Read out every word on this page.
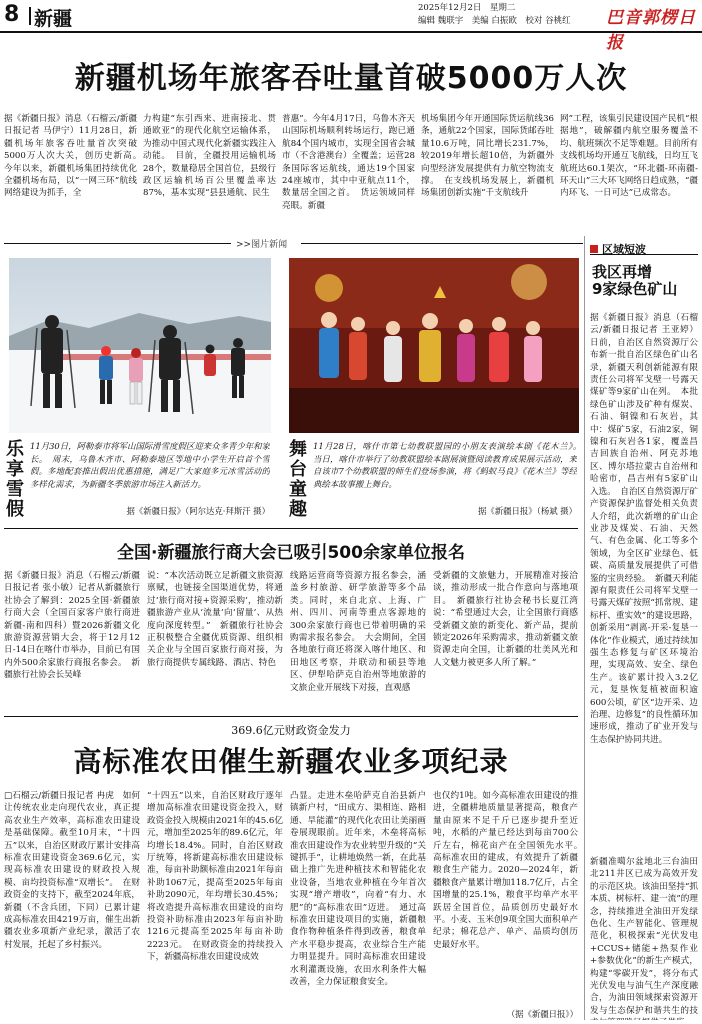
8 新疆	2025年12月2日　星期二
编辑 魏联宇　美编 白振欧　校对 谷桃红 巴音郭楞日报
新疆机场年旅客吞吐量首破5000万人次
据《新疆日报》消息（石榴云/新疆日报记者 马伊宁）11月28日，新疆机场年旅客吞吐量首次突破5000万人次大关，创历史新高。　今年以来，新疆机场集团持续优化全疆机场布局，以“一网三环”航线网络建设为抓手，全
力构建“东引西来、进南接北、贯通欧亚”的现代化航空运输体系，为推动中国式现代化新疆实践注入动能。　目前，全疆投用运输机场28个，数量稳居全国首位，县级行政区运输机场百公里覆盖率达87%，基本实现“县县通航、民生
普惠”。今年4月17日，乌鲁木齐天山国际机场顺利转场运行，跑已通航84个国内城市，实现全国省会城市（不含港澳台）全覆盖；运营28条国际客运航线，通达19个国家24座城市，其中中亚航点11个，数量居全国之首。　货运领域同样亮眼。新疆
机场集团今年开通国际货运航线36条，通航22个国家，国际货邮吞吐量10.6万吨，同比增长231.7%，较2019年增长超10倍，为新疆外向型经济发展提供有力航空物流支撑。　在支线机场发展上，新疆机场集团创新实施“千支航线升
网”工程，该集引民建设国产民机“根据地”，破解疆内航空服务覆盖不均、航班频次不足等难题。目前所有支线机场均开通互飞航线，日均互飞航班达60.1架次，“环北疆-环南疆-环天山”三大环飞网络日趋成熟，“疆内环飞、一日可达”已成常态。
>>图片新闻
乐享雪假
11月30日，阿勒泰市将军山国际滑雪度假区迎来众多青少年和家长。　周末，乌鲁木齐市、阿勒泰地区等地中小学生开启首个雪假。多地配套推出假出优惠措施，满足广大家庭多元冰雪活动的多样化需求，为新疆冬季旅游市场注入新活力。
据《新疆日报》（阿尔达克·拜斯汗 摄）
舞台童趣
11月28日，喀什市第七幼教联盟园的小朋友表演绘本剧《花木兰》。　当日，喀什市举行了幼教联盟绘本剧展演暨阅读教育成果展示活动，来自该市7个幼教联盟的师生们登场参演，将《蚂蚁马良》《花木兰》等经典绘本故事搬上舞台。
据《新疆日报》（杨斌 摄）
区域短波
我区再增
9家绿色矿山
据《新疆日报》消息（石榴云/新疆日报记者 王亚婷）日前，自治区自然资源厅公布新一批自治区绿色矿山名录，新疆天利创新能源有限责任公司将军戈壁一号露天煤矿等9家矿山在列。　本批绿色矿山涉及矿种有煤炭、石油、铜镍和石灰岩，其中：煤矿5家，石油2家，铜镍和石灰岩各1家，覆盖昌吉回族自治州、阿克苏地区、博尔塔拉蒙古自治州和哈密市，昌吉州有5家矿山入选。　自治区自然资源厅矿产资源保护监督处相关负责人介绍，此次新增的矿山企业涉及煤炭、石油、天然气、有色金属、化工等多个领域，为全区矿业绿色、低碳、高质量发展提供了可借鉴的宝贵经验。　新疆天利能源有限责任公司将军戈壁一号露天煤矿按照“抓常规、建标杆、重实效”的建设思路，创新采用“剥离-开采-复垦一体化”作业模式，通过持续加强生态修复与矿区环境治理，实现高效、安全、绿色生产。该矿累计投入3.2亿元，复垦恢复植被面积逾600公顷，矿区“边开采、边治理、边修复”的良性循环加速形成，推动了矿业开发与生态保护协同共进。
新疆准噶尔盆地北三台油田北211井区已成为高效开发的示范区块。该油田坚持“抓本质、树标杆、建一流”的理念，持续推进全油田开发绿色化、生产智能化、管理规范化，积极探索“光伏发电+CCUS+储能+热泵作业+参数优化”的新生产模式，构建“零碳开发”，将分布式光伏发电与油气生产深度融合，为油田领域探索资源开发与生态保护和谐共生的技
全国·新疆旅行商大会已吸引500余家单位报名
据《新疆日报》消息（石榴云/新疆日报记者 张小敏）记者从新疆旅行社协会了解到：2025全国·新疆旅行商大会（全国百家客户旅行商进新疆-南和四科）暨2026新疆文化旅游资源营销大会，将于12月12日-14日在喀什市举办，目前已有国内外500余家旅行商报名参会。　新疆旅行社协会长吴峰
说：“本次活动既立足新疆文旅资源禀赋，也链接全国渠道优势，将通过‘旅行商对接+资源采购’，推动新疆旅游产业从‘流量’向‘留量’、从热度向深度转型。”　新疆旅行社协会正积极整合全疆优质资源、组织相关企业与全国百家旅行商对接，为旅行商提供专属线路、酒店、特色
线路运营商等资源方报名参会，涵盖乡村旅游、研学旅游等多个品类。同时，来自北京、上海、广州、四川、河南等重点客源地的300余家旅行商也已带着明确的采购需求报名参会。　大会期间，全国各地旅行商还将深入喀什地区、和田地区考察，并联动和硕县等地区、伊犁哈萨克自治州等地旅游的文旅企业开展线下对接，直观感
受新疆的文旅魅力，开展精准对接洽谈，推动形成一批合作意向与落地项目。　新疆旅行社协会秘书长夏江湾说：“希望通过大会，让全国旅行商感受新疆文旅的新变化、新产品，提前锁定2026年采购需求，推动新疆文旅资源走向全国，让新疆的壮美风光和人文魅力被更多人所了解。”
369.6亿元财政资金发力
高标准农田催生新疆农业多项纪录
□石榴云/新疆日报记者 冉虎　如何让传统农业走向现代农业，真正提高农业生产效率，高标准农田建设是基础保障。截至10月末，“十四五”以来，自治区财政厅累计安排高标准农田建设资金369.6亿元，实现高标准农田建设的财政投入规模、亩均投资标准“双增长”。　在财政资金的支持下，截至2024年底，新疆（不含兵团，下同）已累计建成高标准农田4219万亩，催生出新疆农业多项新产业纪录，激活了农村发展，托起了乡村振兴。
“十四五”以来，自治区财政厅逐年增加高标准农田建设资金投入，财政资金投入规模由2021年的45.6亿元，增加至2025年的89.6亿元，年均增长18.4%。同时，自治区财政厅统筹，将新建高标准农田建设标准，每亩补助额标准由2021年每亩补助1067元，提高至2025年每亩补助2090元，年均增长30.45%；将改造提升高标准农田建设的亩均投资补助标准由2023年每亩补助1216元提高至2025年每亩补助2223元。　在财政资金的持续投入下，新疆高标准农田建设成效
凸显。走进木垒哈萨克自治县新户镇新户村，“田成方、渠相连、路相通、旱能灌”的现代化农田让美丽画卷展现眼前。近年来，木垒将高标准农田建设作为农业转型升级的“关键抓手”，让耕地焕然一新，在此基础上推广先进种植技术和智能化农业设备，当地农业种植在今年首次实现“增产增收”，向着“有力、水肥”的“高标准农田”迈进。　通过高标准农田建设项目的实施，新疆粮食作物种植条件得到改善，粮食单产水平稳步提高，农业综合生产能力明显提升。同时高标准农田建设水利灌溉设施，农田水利条件大幅改善，全力保证粮食安全。
也仅约1吨。如今高标准农田建设的推进，全疆耕地质量显著提高，粮食产量由原来不足千斤已逐步提升至近吨，水稻的产量已经达到每亩700公斤左右，棉花亩产在全国领先水平。　高标准农田的建成，有效提升了新疆粮食生产能力。2020—2024年，新疆粮食产量累计增加118.7亿斤，占全国增量的25.1%，粮食平均单产水平跃居全国首位，品质创历史最好水平。小麦、玉米创9项全国大面积单产纪录；棉花总产、单产、品质均创历史最好水平。
（据《新疆日报》）
